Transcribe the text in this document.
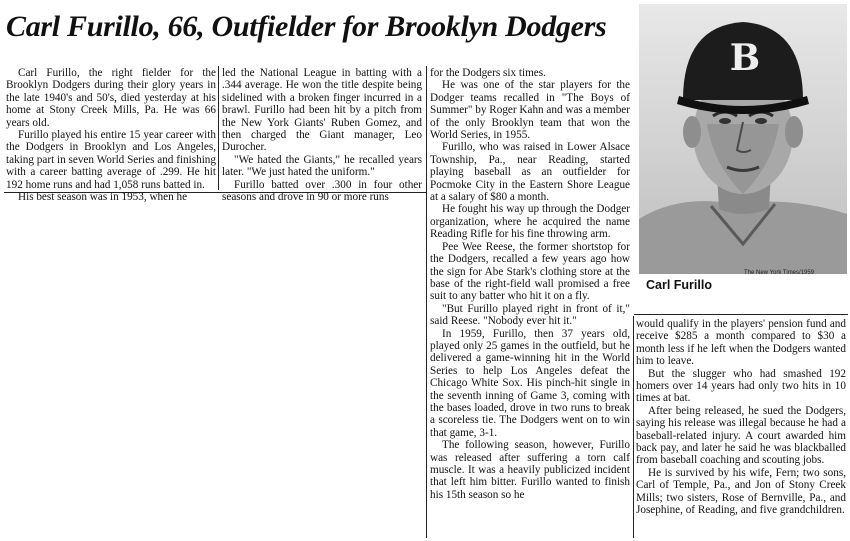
Carl Furillo, 66, Outfielder for Brooklyn Dodgers

Carl Furillo, the right fielder for the Brooklyn Dodgers during their glory years in the late 1940's and 50's, died yesterday at his home at Stony Creek Mills, Pa. He was 66 years old.

Furillo played his entire 15 year career with the Dodgers in Brooklyn and Los Angeles, taking part in seven World Series and finishing with a career batting average of .299. He hit 192 home runs and had 1,058 runs batted in.

His best season was in 1953, when he

led the National League in batting with a .344 average. He won the title despite being sidelined with a broken finger incurred in a brawl. Furillo had been hit by a pitch from the New York Giants' Ruben Gomez, and then charged the Giant manager, Leo Durocher.

"We hated the Giants," he recalled years later. "We just hated the uniform."

Furillo batted over .300 in four other seasons and drove in 90 or more runs

for the Dodgers six times.

He was one of the star players for the Dodger teams recalled in "The Boys of Summer" by Roger Kahn and was a member of the only Brooklyn team that won the World Series, in 1955.

Furillo, who was raised in Lower Alsace Township, Pa., near Reading, started playing baseball as an outfielder for Pocmoke City in the Eastern Shore League at a salary of $80 a month.

He fought his way up through the Dodger organization, where he acquired the name Reading Rifle for his fine throwing arm.

Pee Wee Reese, the former shortstop for the Dodgers, recalled a few years ago how the sign for Abe Stark's clothing store at the base of the right-field wall promised a free suit to any batter who hit it on a fly.

"But Furillo played right in front of it," said Reese. "Nobody ever hit it."

In 1959, Furillo, then 37 years old, played only 25 games in the outfield, but he delivered a game-winning hit in the World Series to help Los Angeles defeat the Chicago White Sox. His pinch-hit single in the seventh inning of Game 3, coming with the bases loaded, drove in two runs to break a scoreless tie. The Dodgers went on to win that game, 3-1.

The following season, however, Furillo was released after suffering a torn calf muscle. It was a heavily publicized incident that left him bitter. Furillo wanted to finish his 15th season so he

would qualify in the players' pension fund and receive $285 a month compared to $30 a month less if he left when the Dodgers wanted him to leave.

But the slugger who had smashed 192 homers over 14 years had only two hits in 10 times at bat.

After being released, he sued the Dodgers, saying his release was illegal because he had a baseball-related injury. A court awarded him back pay, and later he said he was blackballed from baseball coaching and scouting jobs.

He is survived by his wife, Fern; two sons, Carl of Temple, Pa., and Jon of Stony Creek Mills; two sisters, Rose of Bernville, Pa., and Josephine, of Reading, and five grandchildren.

B
The New York Times/1959
Carl Furillo
